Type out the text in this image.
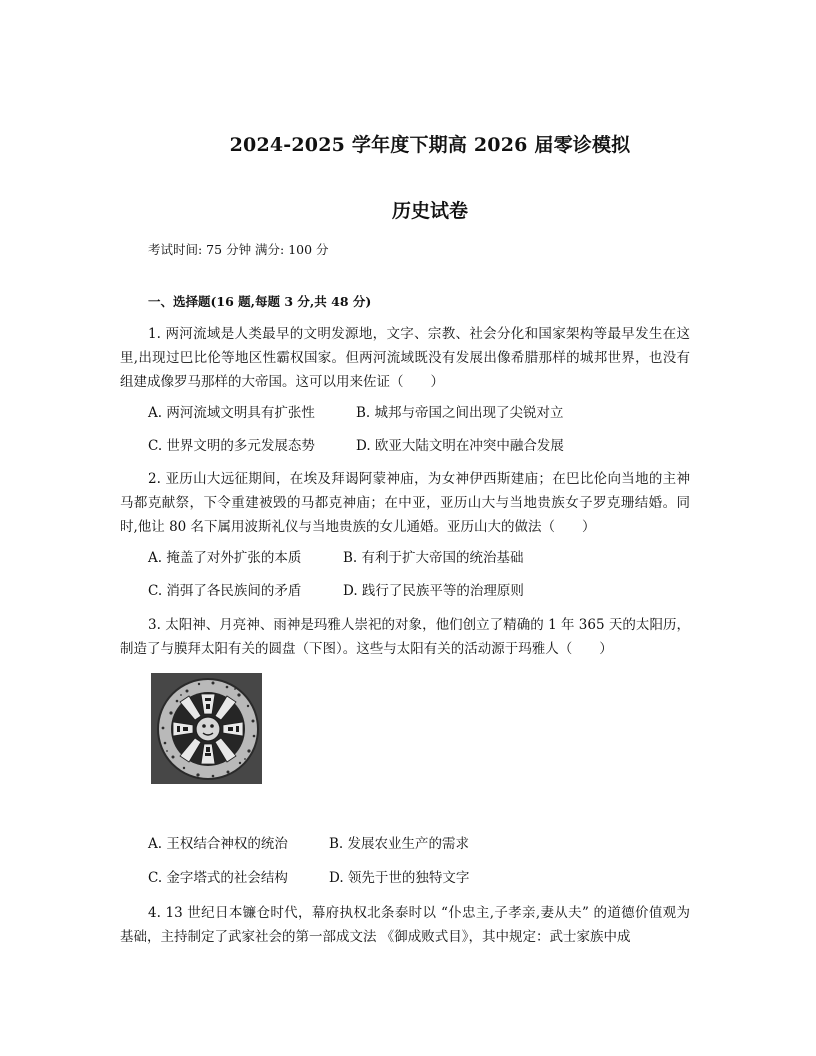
2024-2025 学年度下期高 2026 届零诊模拟
历史试卷
考试时间: 75 分钟 满分: 100 分
一、选择题(16 题,每题 3 分,共 48 分)

1. 两河流域是人类最早的文明发源地，文字、宗教、社会分化和国家架构等最早发生在这里,出现过巴比伦等地区性霸权国家。但两河流域既没有发展出像希腊那样的城邦世界，也没有组建成像罗马那样的大帝国。这可以用来佐证（　　）

A. 两河流域文明具有扩张性	B. 城邦与帝国之间出现了尖锐对立
C. 世界文明的多元发展态势	D. 欧亚大陆文明在冲突中融合发展

2. 亚历山大远征期间，在埃及拜谒阿蒙神庙，为女神伊西斯建庙；在巴比伦向当地的主神马都克献祭，下令重建被毁的马都克神庙；在中亚，亚历山大与当地贵族女子罗克珊结婚。同时,他让 80 名下属用波斯礼仪与当地贵族的女儿通婚。亚历山大的做法（　　）

A. 掩盖了对外扩张的本质	B. 有利于扩大帝国的统治基础
C. 消弭了各民族间的矛盾	D. 践行了民族平等的治理原则

3. 太阳神、月亮神、雨神是玛雅人崇祀的对象，他们创立了精确的 1 年 365 天的太阳历，制造了与膜拜太阳有关的圆盘（下图）。这些与太阳有关的活动源于玛雅人（　　）

A. 王权结合神权的统治	B. 发展农业生产的需求
C. 金字塔式的社会结构	D. 领先于世的独特文字

4. 13 世纪日本镰仓时代，幕府执权北条泰时以 “仆忠主,子孝亲,妻从夫” 的道德价值观为基础，主持制定了武家社会的第一部成文法 《御成败式目》，其中规定：武士家族中成
